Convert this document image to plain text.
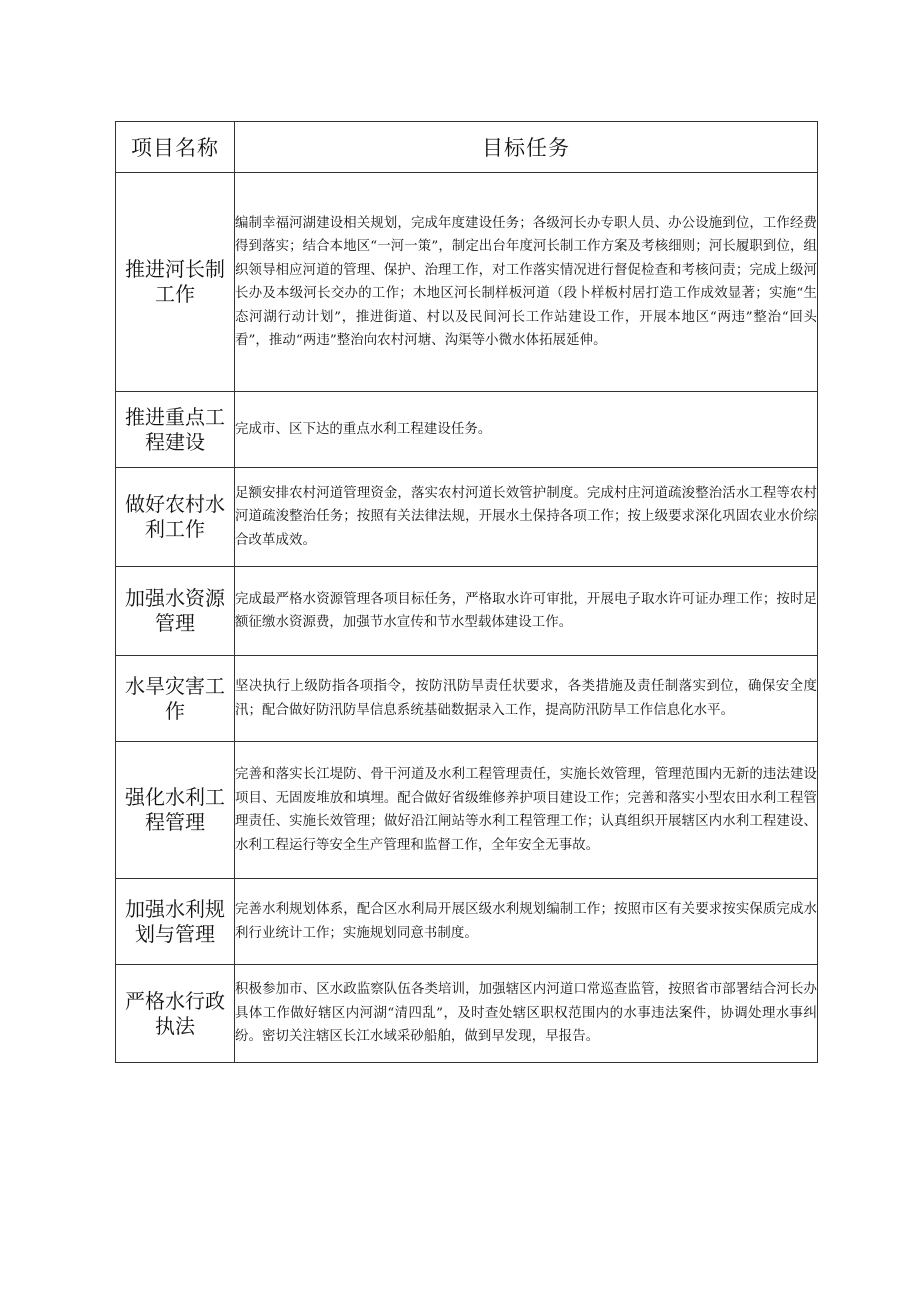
项目名称	目标任务
推进河长制工作	编制幸福河湖建设相关规划，完成年度建设任务；各级河长办专职人员、办公设施到位，工作经费得到落实；结合本地区“一河一策”，制定出台年度河长制工作方案及考核细则；河长履职到位，组织领导相应河道的管理、保护、治理工作，对工作落实情况进行督促检查和考核问责；完成上级河长办及本级河长交办的工作；木地区河长制样板河道（段卜样板村居打造工作成效显著；实施“生态河湖行动计划”，推进街道、村以及民间河长工作站建设工作，开展本地区“两违”整治“回头看”，推动“两违”整治向农村河塘、沟渠等小微水体拓展延伸。
推进重点工程建设	完成市、区下达的重点水利工程建设任务。
做好农村水利工作	足额安排农村河道管理资金，落实农村河道长效管护制度。完成村庄河道疏浚整治活水工程等农村河道疏浚整治任务；按照有关法律法规，开展水土保持各项工作；按上级要求深化巩固农业水价综合改革成效。
加强水资源管理	完成最严格水资源管理各项目标任务，严格取水许可审批，开展电子取水许可证办理工作；按时足额征缴水资源费，加强节水宣传和节水型载体建设工作。
水旱灾害工作	坚决执行上级防指各项指令，按防汛防旱责任状要求，各类措施及责任制落实到位，确保安全度汛；配合做好防汛防旱信息系统基础数据录入工作，提高防汛防旱工作信息化水平。
强化水利工程管理	完善和落实长江堤防、骨干河道及水利工程管理责任，实施长效管理，管理范围内无新的违法建设项目、无固废堆放和填埋。配合做好省级维修养护项目建设工作；完善和落实小型农田水利工程管理责任、实施长效管理；做好沿江闸站等水利工程管理工作；认真组织开展辖区内水利工程建设、水利工程运行等安全生产管理和监督工作，全年安全无事故。
加强水利规划与管理	完善水利规划体系，配合区水利局开展区级水利规划编制工作；按照市区有关要求按实保质完成水利行业统计工作；实施规划同意书制度。
严格水行政执法	积极参加市、区水政监察队伍各类培训，加强辖区内河道口常巡查监管，按照省市部署结合河长办具体工作做好辖区内河湖“清四乱”，及时查处辖区职权范围内的水事违法案件，协调处理水事纠纷。密切关注辖区长江水域采砂船舶，做到早发现，早报告。
